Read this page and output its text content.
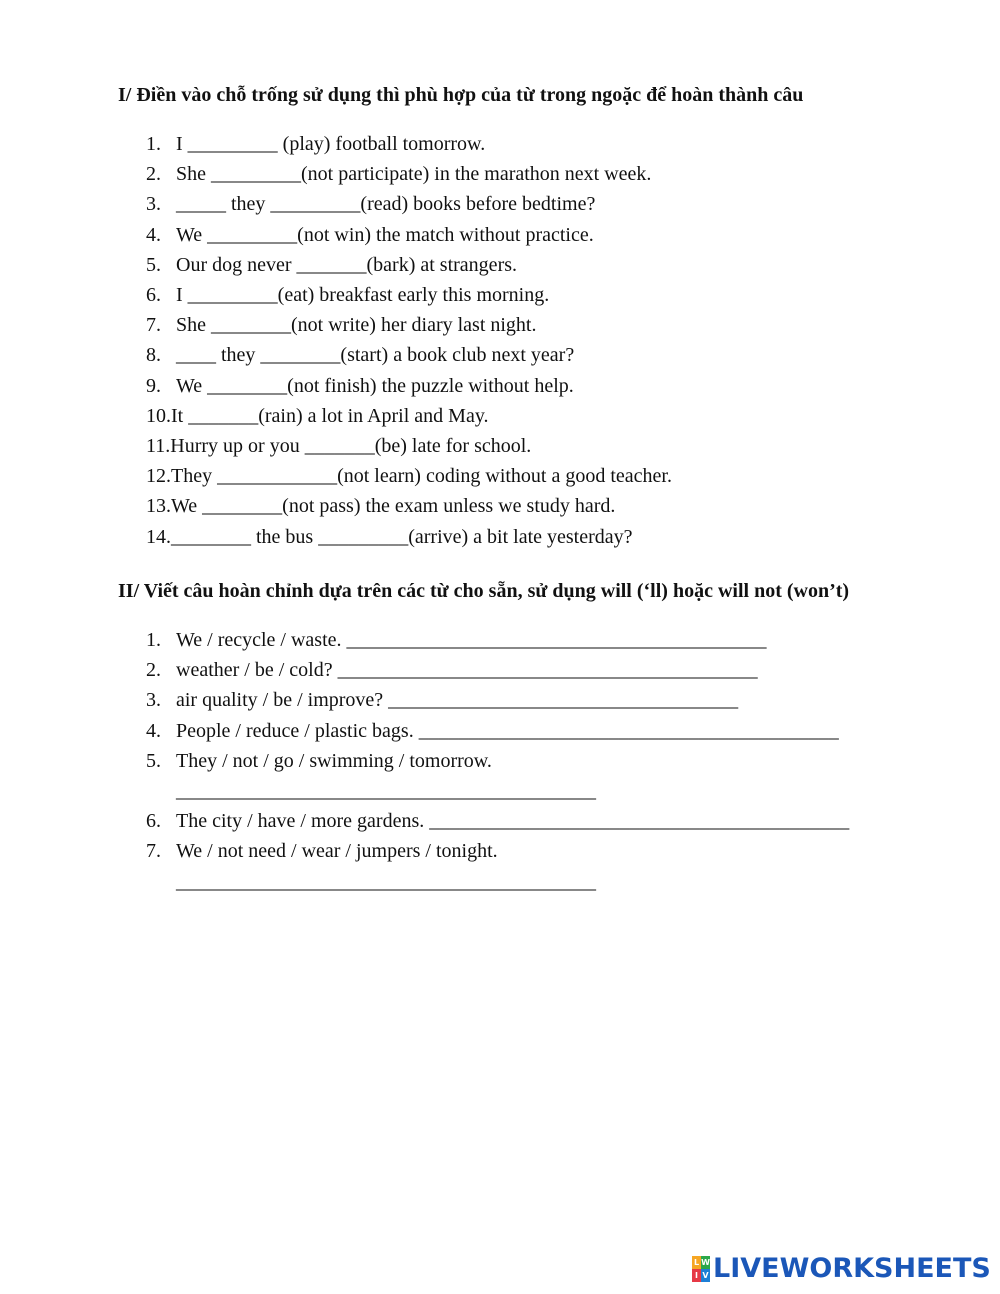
I/ Điền vào chỗ trống sử dụng thì phù hợp của từ trong ngoặc để hoàn thành câu
1. I _________ (play) football tomorrow.
2. She _________(not participate) in the marathon next week.
3. _____ they _________(read) books before bedtime?
4. We _________(not win) the match without practice.
5. Our dog never _______(bark) at strangers.
6. I _________(eat) breakfast early this morning.
7. She ________(not write) her diary last night.
8. ____ they ________(start) a book club next year?
9. We ________(not finish) the puzzle without help.
10. It _______(rain) a lot in April and May.
11. Hurry up or you _______(be) late for school.
12. They ____________(not learn) coding without a good teacher.
13. We ________(not pass) the exam unless we study hard.
14. ________ the bus _________(arrive) a bit late yesterday?
II/ Viết câu hoàn chỉnh dựa trên các từ cho sẵn, sử dụng will (‘ll) hoặc will not (won’t)
1. We / recycle / waste. __________________________________________
2. weather / be / cold? __________________________________________
3. air quality / be / improve? ___________________________________
4. People / reduce / plastic bags. __________________________________________
5. They / not / go / swimming / tomorrow.
__________________________________________
6. The city / have / more gardens. __________________________________________
7. We / not need / wear / jumpers / tonight.
__________________________________________
L W
I V LIVEWORKSHEETS
